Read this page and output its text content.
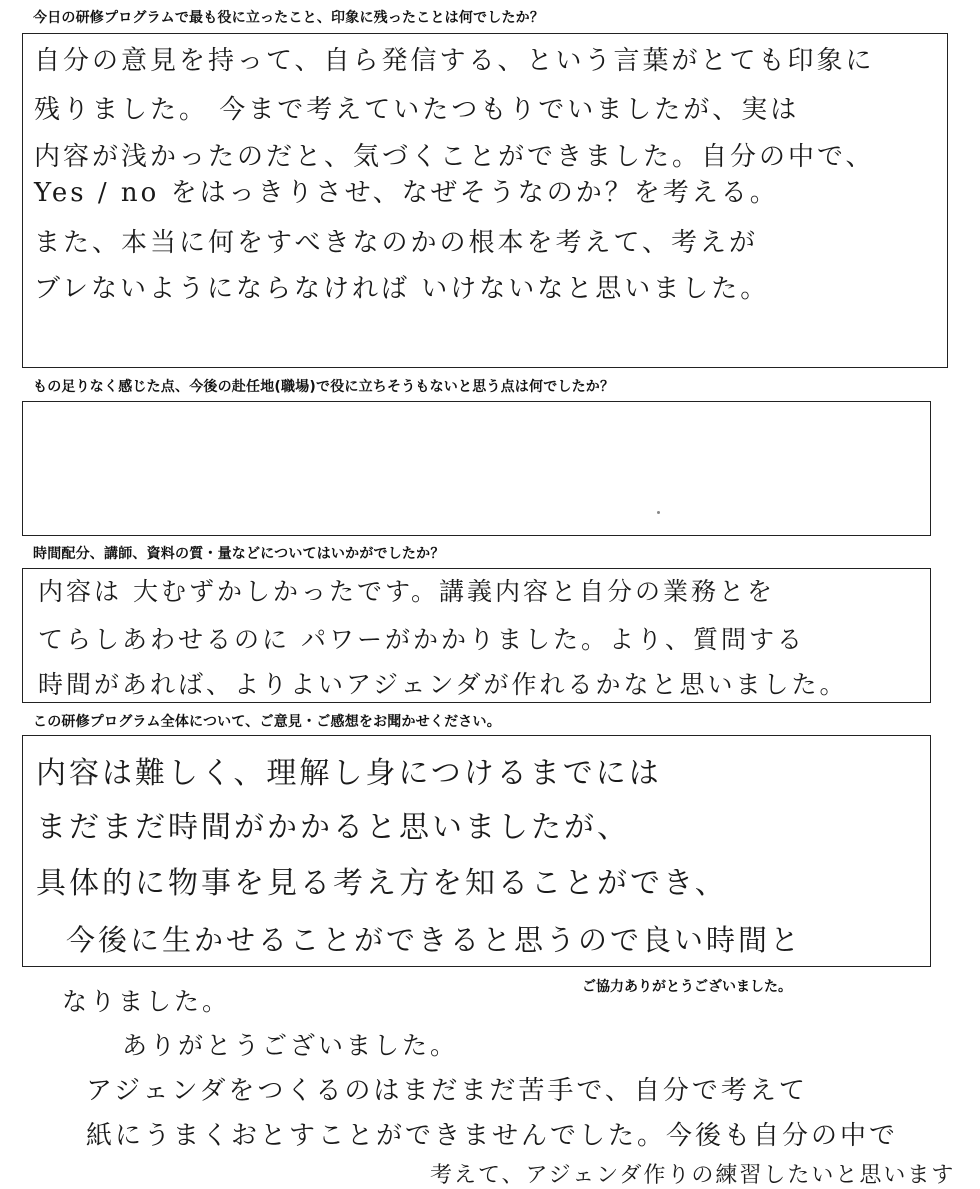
今日の研修プログラムで最も役に立ったこと、印象に残ったことは何でしたか？
自分の意見を持って、自ら発信する、という言葉がとても印象に
残りました。 今まで考えていたつもりでいましたが、実は
内容が浅かったのだと、気づくことができました。自分の中で、
Yes / no をはっきりさせ、なぜそうなのか？を考える。
また、本当に何をすべきなのかの根本を考えて、考えが
ブレないようにならなければ いけないなと思いました。
もの足りなく感じた点、今後の赴任地(職場)で役に立ちそうもないと思う点は何でしたか？
時間配分、講師、資料の質・量などについてはいかがでしたか？
内容は 大むずかしかったです。講義内容と自分の業務とを
てらしあわせるのに パワーがかかりました。より、質問する
時間があれば、よりよいアジェンダが作れるかなと思いました。
この研修プログラム全体について、ご意見・ご感想をお聞かせください。
内容は難しく、理解し身につけるまでには
まだまだ時間がかかると思いましたが、
具体的に物事を見る考え方を知ることができ、
今後に生かせることができると思うので良い時間と
ご協力ありがとうございました。
なりました。
ありがとうございました。
アジェンダをつくるのはまだまだ苦手で、自分で考えて
紙にうまくおとすことができませんでした。今後も自分の中で
考えて、アジェンダ作りの練習したいと思います
